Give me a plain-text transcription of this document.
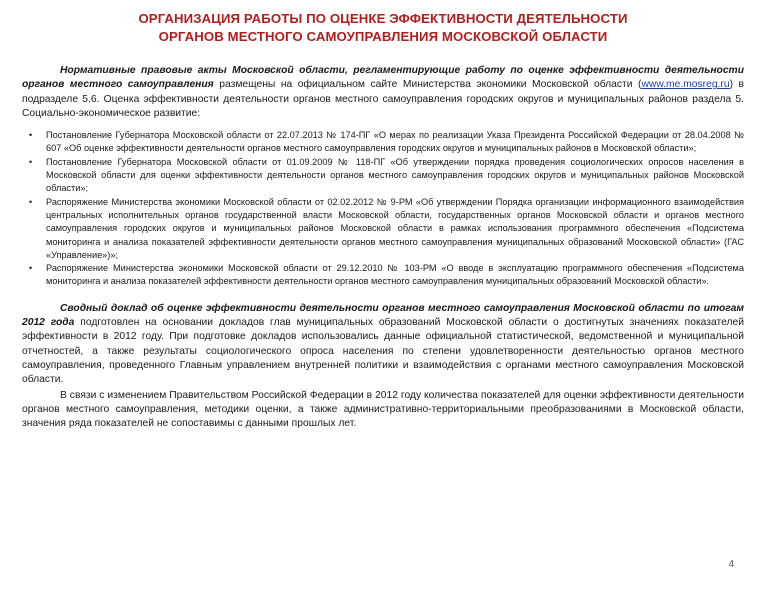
ОРГАНИЗАЦИЯ РАБОТЫ ПО ОЦЕНКЕ ЭФФЕКТИВНОСТИ ДЕЯТЕЛЬНОСТИ
ОРГАНОВ МЕСТНОГО САМОУПРАВЛЕНИЯ МОСКОВСКОЙ ОБЛАСТИ

Нормативные правовые акты Московской области, регламентирующие работу по оценке эффективности деятельности органов местного самоуправления размещены на официальном сайте Министерства экономики Московской области (www.me.mosreg.ru) в подразделе 5.6. Оценка эффективности деятельности органов местного самоуправления городских округов и муниципальных районов раздела 5. Социально-экономическое развитие:

• Постановление Губернатора Московской области от 22.07.2013 № 174-ПГ «О мерах по реализации Указа Президента Российской Федерации от 28.04.2008 № 607 «Об оценке эффективности деятельности органов местного самоуправления городских округов и муниципальных районов в Московской области»;
• Постановление Губернатора Московской области от 01.09.2009 № 118-ПГ «Об утверждении порядка проведения социологических опросов населения в Московской области для оценки эффективности деятельности органов местного самоуправления городских округов и муниципальных районов Московской области»;
• Распоряжение Министерства экономики Московской области от 02.02.2012 № 9-РМ «Об утверждении Порядка организации информационного взаимодействия центральных исполнительных органов государственной власти Московской области, государственных органов Московской области и органов местного самоуправления городских округов и муниципальных районов Московской области в рамках использования программного обеспечения «Подсистема мониторинга и анализа показателей эффективности деятельности органов местного самоуправления муниципальных образований Московской области» (ГАС «Управление»)»;
• Распоряжение Министерства экономики Московской области от 29.12.2010 № 103-РМ «О вводе в эксплуатацию программного обеспечения «Подсистема мониторинга и анализа показателей эффективности деятельности органов местного самоуправления муниципальных образований Московской области».

Сводный доклад об оценке эффективности деятельности органов местного самоуправления Московской области по итогам 2012 года подготовлен на основании докладов глав муниципальных образований Московской области о достигнутых значениях показателей эффективности в 2012 году. При подготовке докладов использовались данные официальной статистической, ведомственной и муниципальной отчетностей, а также результаты социологического опроса населения по степени удовлетворенности деятельностью органов местного самоуправления, проведенного Главным управлением внутренней политики и взаимодействия с органами местного самоуправления Московской области.

В связи с изменением Правительством Российской Федерации в 2012 году количества показателей для оценки эффективности деятельности органов местного самоуправления, методики оценки, а также административно-территориальными преобразованиями в Московской области, значения ряда показателей не сопоставимы с данными прошлых лет.

4
